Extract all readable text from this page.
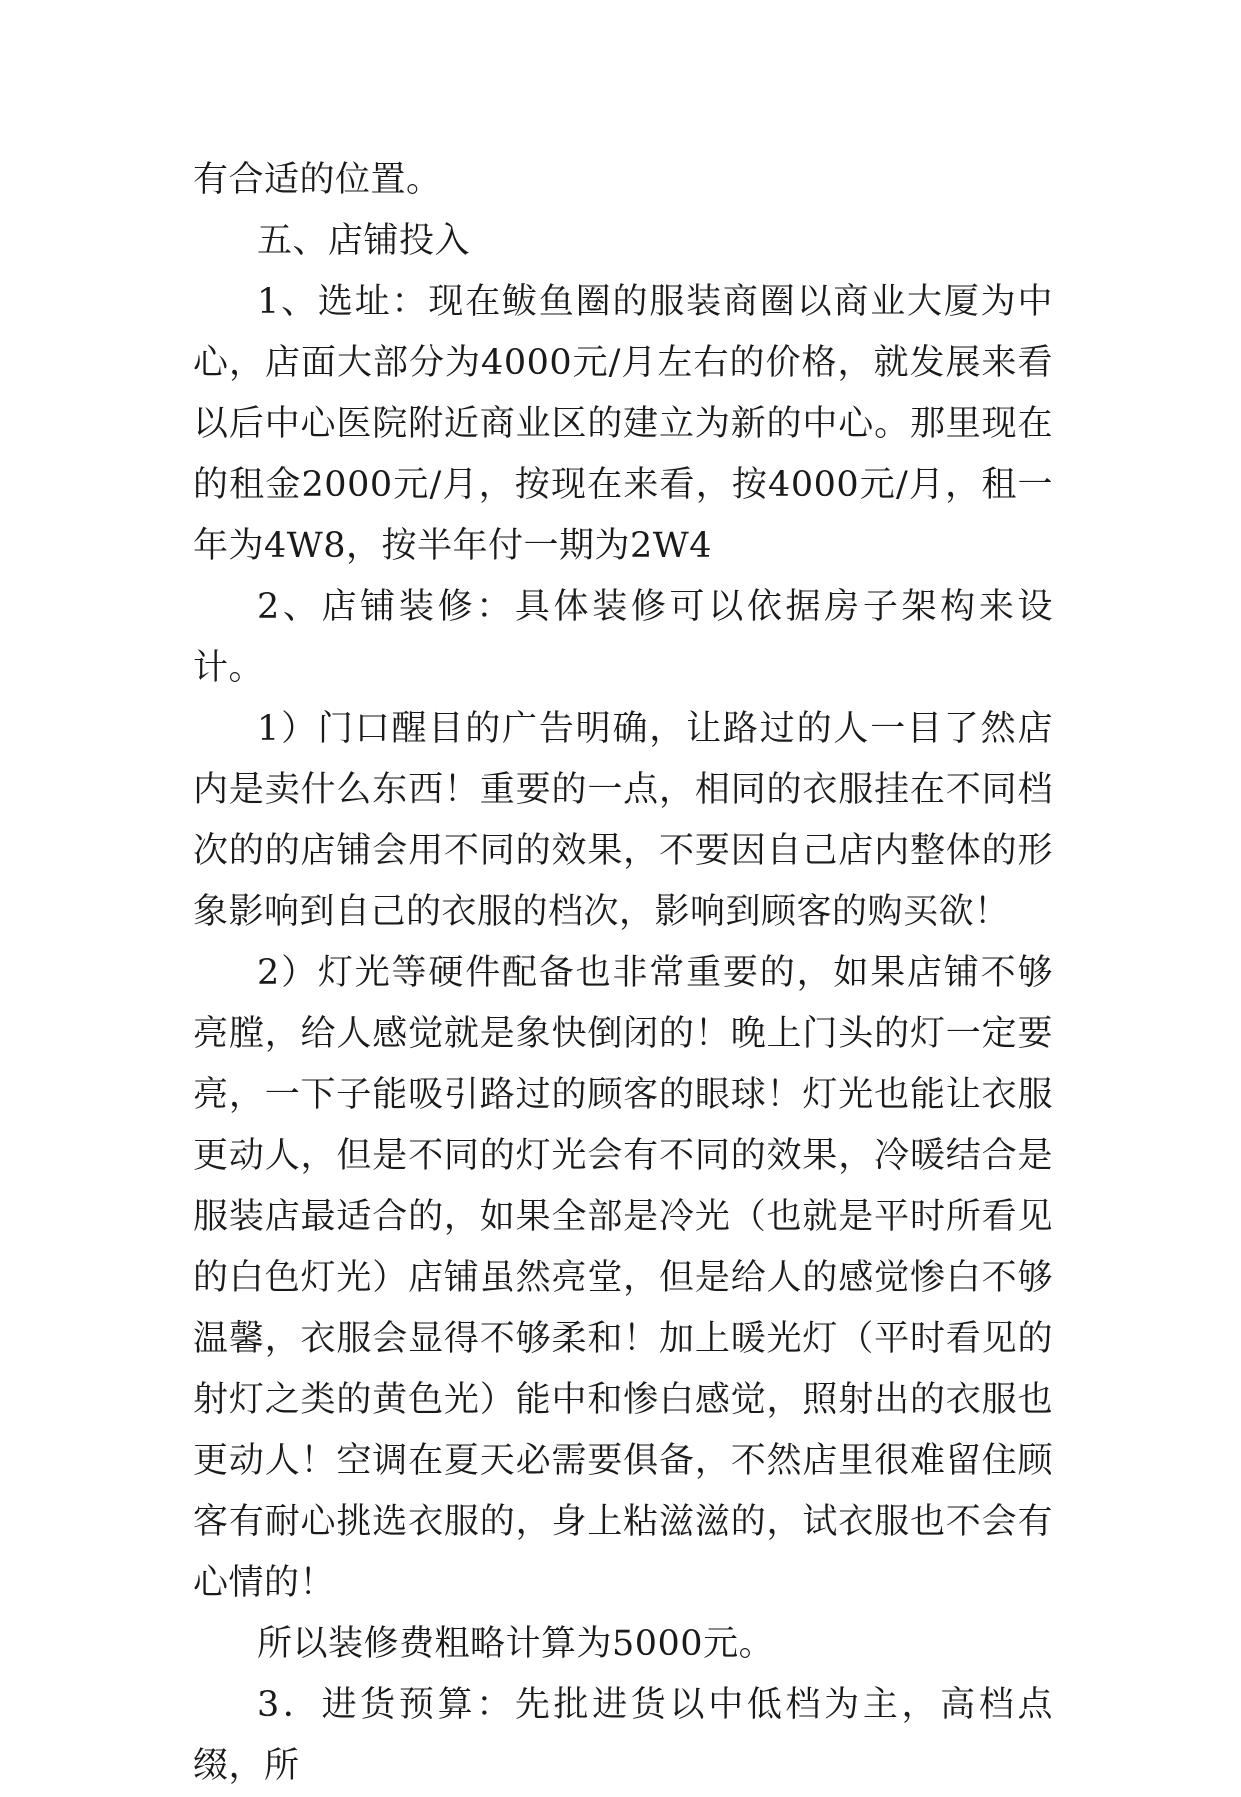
有合适的位置。

五、店铺投入

1、选址：现在鲅鱼圈的服装商圈以商业大厦为中心，店面大部分为4000元/月左右的价格，就发展来看以后中心医院附近商业区的建立为新的中心。那里现在的租金2000元/月，按现在来看，按4000元/月，租一年为4W8，按半年付一期为2W4

2、店铺装修：具体装修可以依据房子架构来设计。

1）门口醒目的广告明确，让路过的人一目了然店内是卖什么东西！重要的一点，相同的衣服挂在不同档次的的店铺会用不同的效果，不要因自己店内整体的形象影响到自己的衣服的档次，影响到顾客的购买欲！

2）灯光等硬件配备也非常重要的，如果店铺不够亮膛，给人感觉就是象快倒闭的！晚上门头的灯一定要亮，一下子能吸引路过的顾客的眼球！灯光也能让衣服更动人，但是不同的灯光会有不同的效果，冷暖结合是服装店最适合的，如果全部是冷光（也就是平时所看见的白色灯光）店铺虽然亮堂，但是给人的感觉惨白不够温馨，衣服会显得不够柔和！加上暖光灯（平时看见的射灯之类的黄色光）能中和惨白感觉，照射出的衣服也更动人！空调在夏天必需要俱备，不然店里很难留住顾客有耐心挑选衣服的，身上粘滋滋的，试衣服也不会有心情的！

所以装修费粗略计算为5000元。

3．进货预算：先批进货以中低档为主，高档点缀，所
